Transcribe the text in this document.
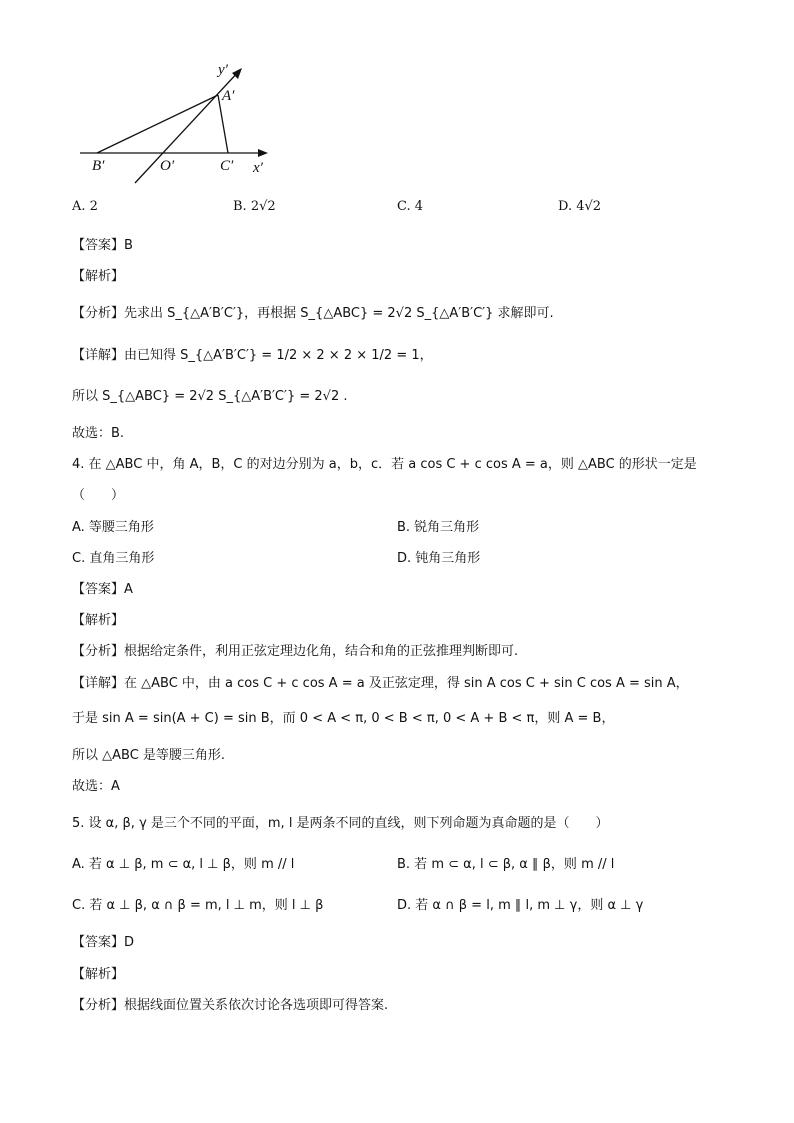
y′
A′
B′	O′	C′ x′
A. 2	B. 2√2	C. 4	D. 4√2
【答案】B
【解析】
【分析】先求出 S_{△A′B′C′}，再根据 S_{△ABC} = 2√2 S_{△A′B′C′} 求解即可.
【详解】由已知得 S_{△A′B′C′} = 1/2 × 2 × 2 × 1/2 = 1，
所以 S_{△ABC} = 2√2 S_{△A′B′C′} = 2√2 .
故选：B.
4. 在 △ABC 中，角 A，B，C 的对边分别为 a，b，c．若 a cos C + c cos A = a，则 △ABC 的形状一定是
（　　）
A. 等腰三角形	B. 锐角三角形
C. 直角三角形	D. 钝角三角形
【答案】A
【解析】
【分析】根据给定条件，利用正弦定理边化角，结合和角的正弦推理判断即可.
【详解】在 △ABC 中，由 a cos C + c cos A = a 及正弦定理，得 sin A cos C + sin C cos A = sin A，
于是 sin A = sin(A + C) = sin B，而 0 < A < π, 0 < B < π, 0 < A + B < π，则 A = B，
所以 △ABC 是等腰三角形.
故选：A
5. 设 α, β, γ 是三个不同的平面，m, l 是两条不同的直线，则下列命题为真命题的是（　　）
A. 若 α ⊥ β, m ⊂ α, l ⊥ β，则 m // l	B. 若 m ⊂ α, l ⊂ β, α ∥ β，则 m // l
C. 若 α ⊥ β, α ∩ β = m, l ⊥ m，则 l ⊥ β	D. 若 α ∩ β = l, m ∥ l, m ⊥ γ，则 α ⊥ γ
【答案】D
【解析】
【分析】根据线面位置关系依次讨论各选项即可得答案.
